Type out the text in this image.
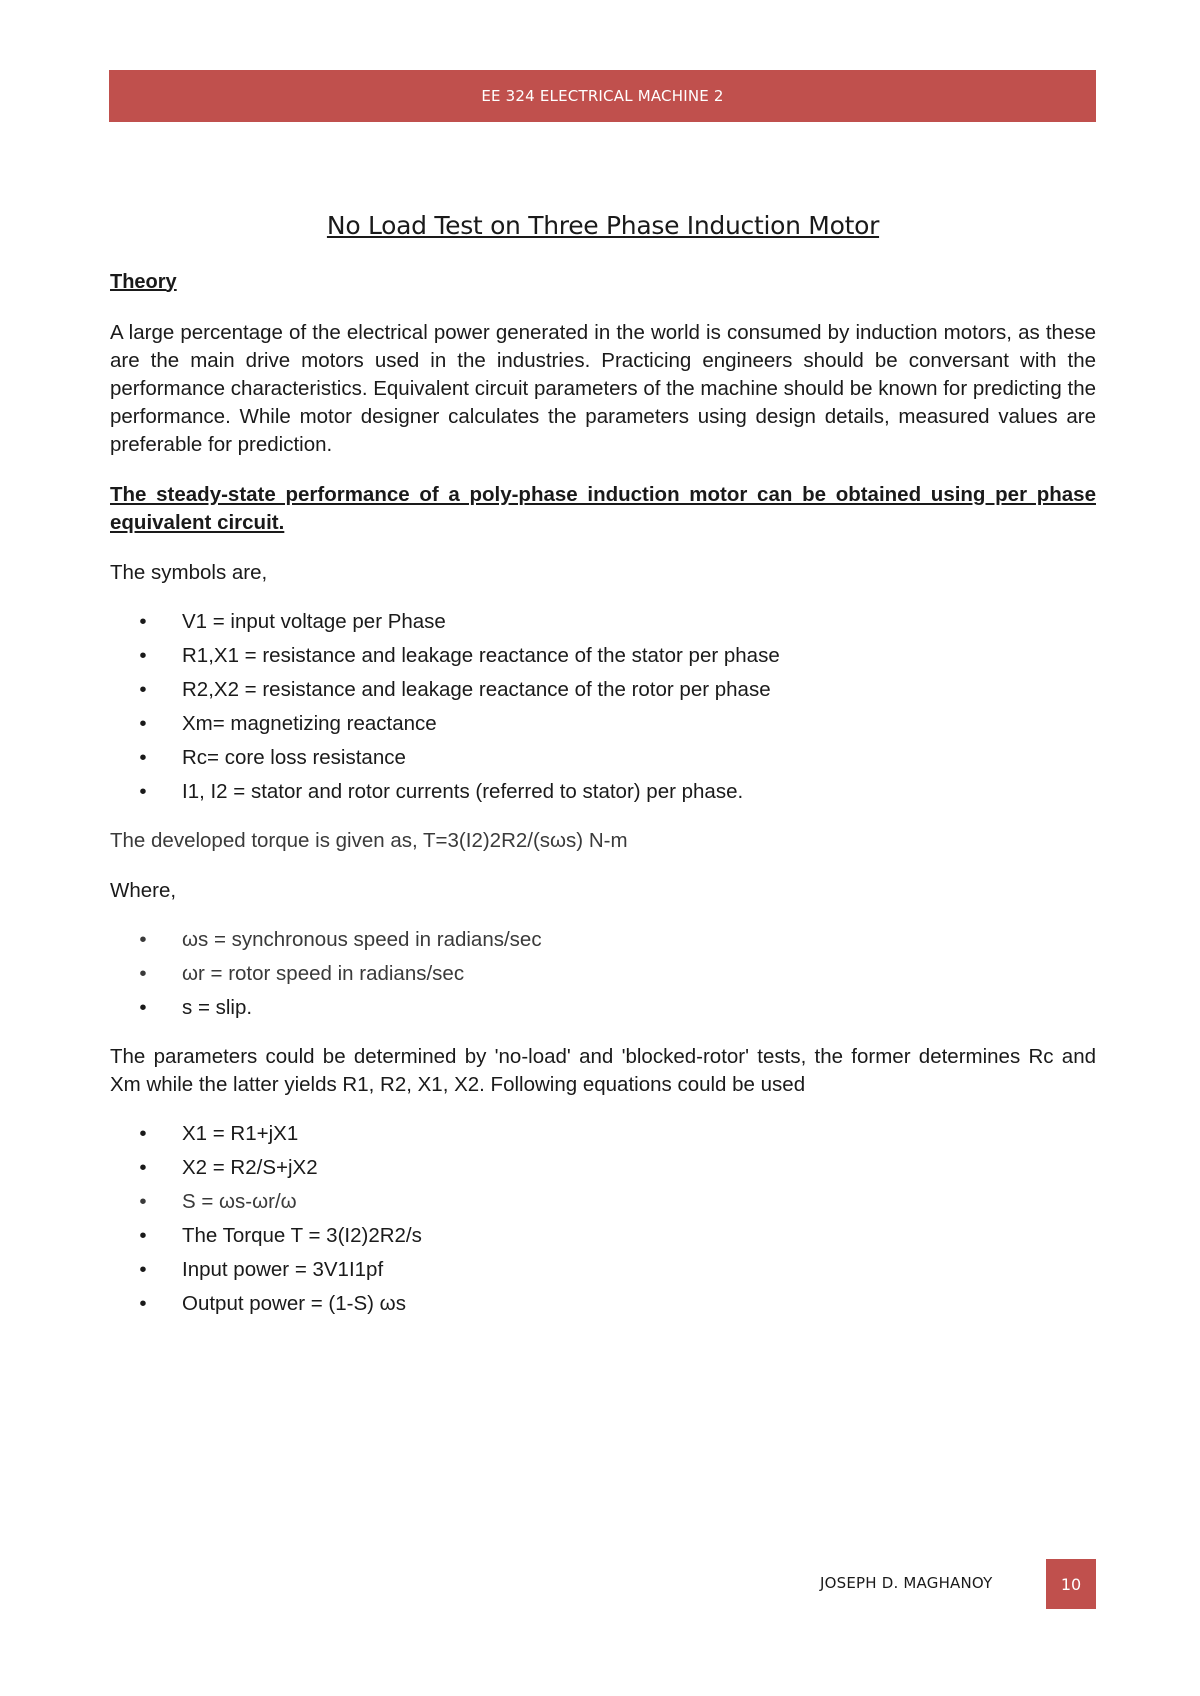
EE 324 ELECTRICAL MACHINE 2
No Load Test on Three Phase Induction Motor
Theory

A large percentage of the electrical power generated in the world is consumed by induction motors, as these are the main drive motors used in the industries. Practicing engineers should be conversant with the performance characteristics. Equivalent circuit parameters of the machine should be known for predicting the performance. While motor designer calculates the parameters using design details, measured values are preferable for prediction.

The steady-state performance of a poly-phase induction motor can be obtained using per phase equivalent circuit.

The symbols are,

•	V1 = input voltage per Phase
•	R1,X1 = resistance and leakage reactance of the stator per phase
•	R2,X2 = resistance and leakage reactance of the rotor per phase
•	Xm= magnetizing reactance
•	Rc= core loss resistance
•	I1, I2 = stator and rotor currents (referred to stator) per phase.

The developed torque is given as, T=3(I2)2R2/(sωs) N-m

Where,

•	ωs = synchronous speed in radians/sec
•	ωr = rotor speed in radians/sec
•	s = slip.

The parameters could be determined by 'no-load' and 'blocked-rotor' tests, the former determines Rc and Xm while the latter yields R1, R2, X1, X2. Following equations could be used

•	X1 = R1+jX1
•	X2 = R2/S+jX2
•	S = ωs-ωr/ω
•	The Torque T = 3(I2)2R2/s
•	Input power = 3V1I1pf
•	Output power = (1-S) ωs
JOSEPH D. MAGHANOY	10
